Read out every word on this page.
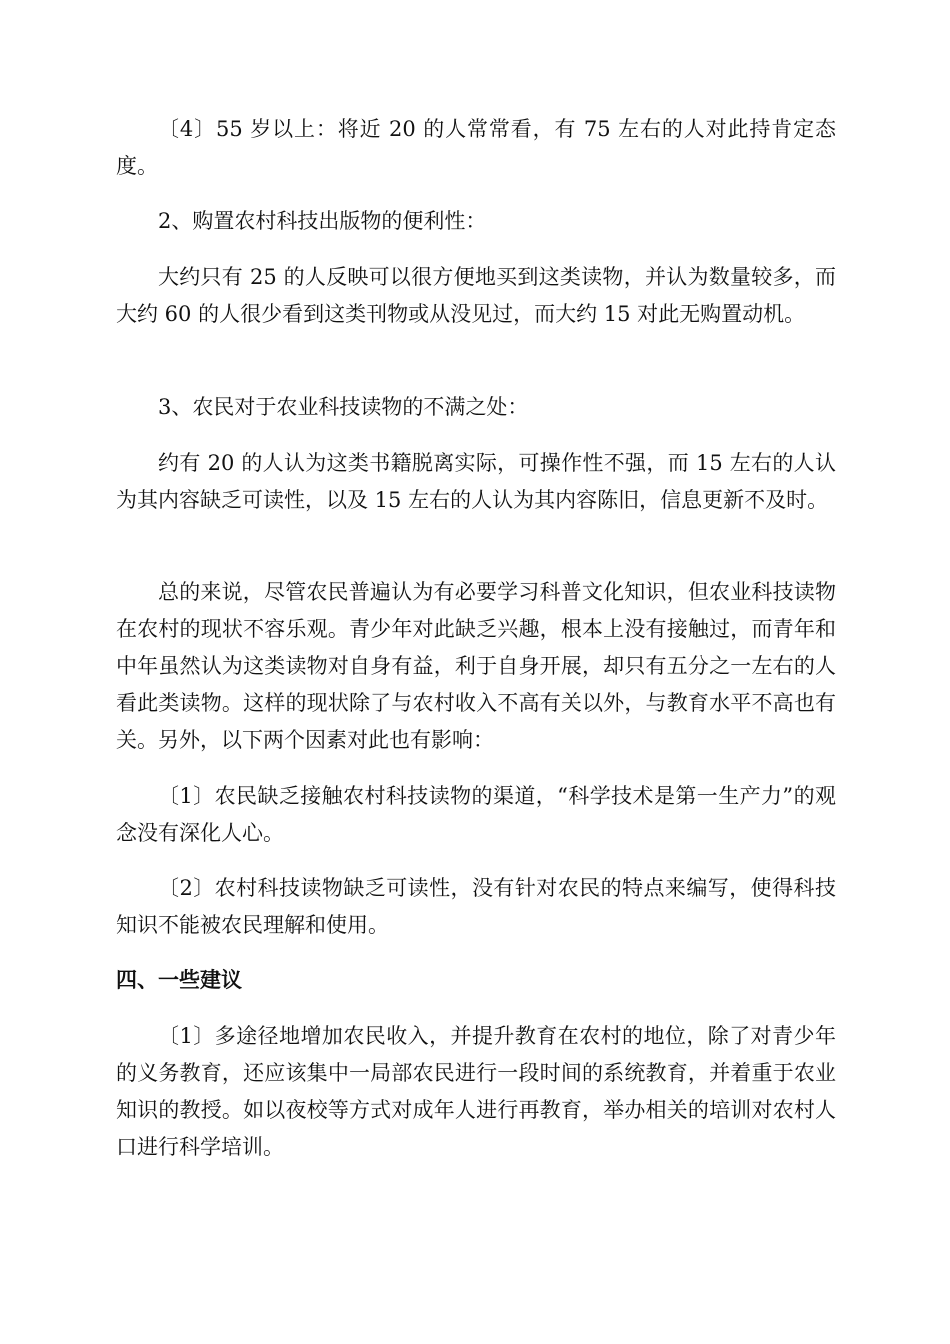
〔4〕55 岁以上：将近 20 的人常常看，有 75 左右的人对此持肯定态度。

2、购置农村科技出版物的便利性：

大约只有 25 的人反映可以很方便地买到这类读物，并认为数量较多，而大约 60 的人很少看到这类刊物或从没见过，而大约 15 对此无购置动机。

3、农民对于农业科技读物的不满之处：

约有 20 的人认为这类书籍脱离实际，可操作性不强，而 15 左右的人认为其内容缺乏可读性，以及 15 左右的人认为其内容陈旧，信息更新不及时。

总的来说，尽管农民普遍认为有必要学习科普文化知识，但农业科技读物在农村的现状不容乐观。青少年对此缺乏兴趣，根本上没有接触过，而青年和中年虽然认为这类读物对自身有益，利于自身开展，却只有五分之一左右的人看此类读物。这样的现状除了与农村收入不高有关以外，与教育水平不高也有关。另外，以下两个因素对此也有影响：

〔1〕农民缺乏接触农村科技读物的渠道，“科学技术是第一生产力”的观念没有深化人心。

〔2〕农村科技读物缺乏可读性，没有针对农民的特点来编写，使得科技知识不能被农民理解和使用。

四、一些建议

〔1〕多途径地增加农民收入，并提升教育在农村的地位，除了对青少年的义务教育，还应该集中一局部农民进行一段时间的系统教育，并着重于农业知识的教授。如以夜校等方式对成年人进行再教育，举办相关的培训对农村人口进行科学培训。
